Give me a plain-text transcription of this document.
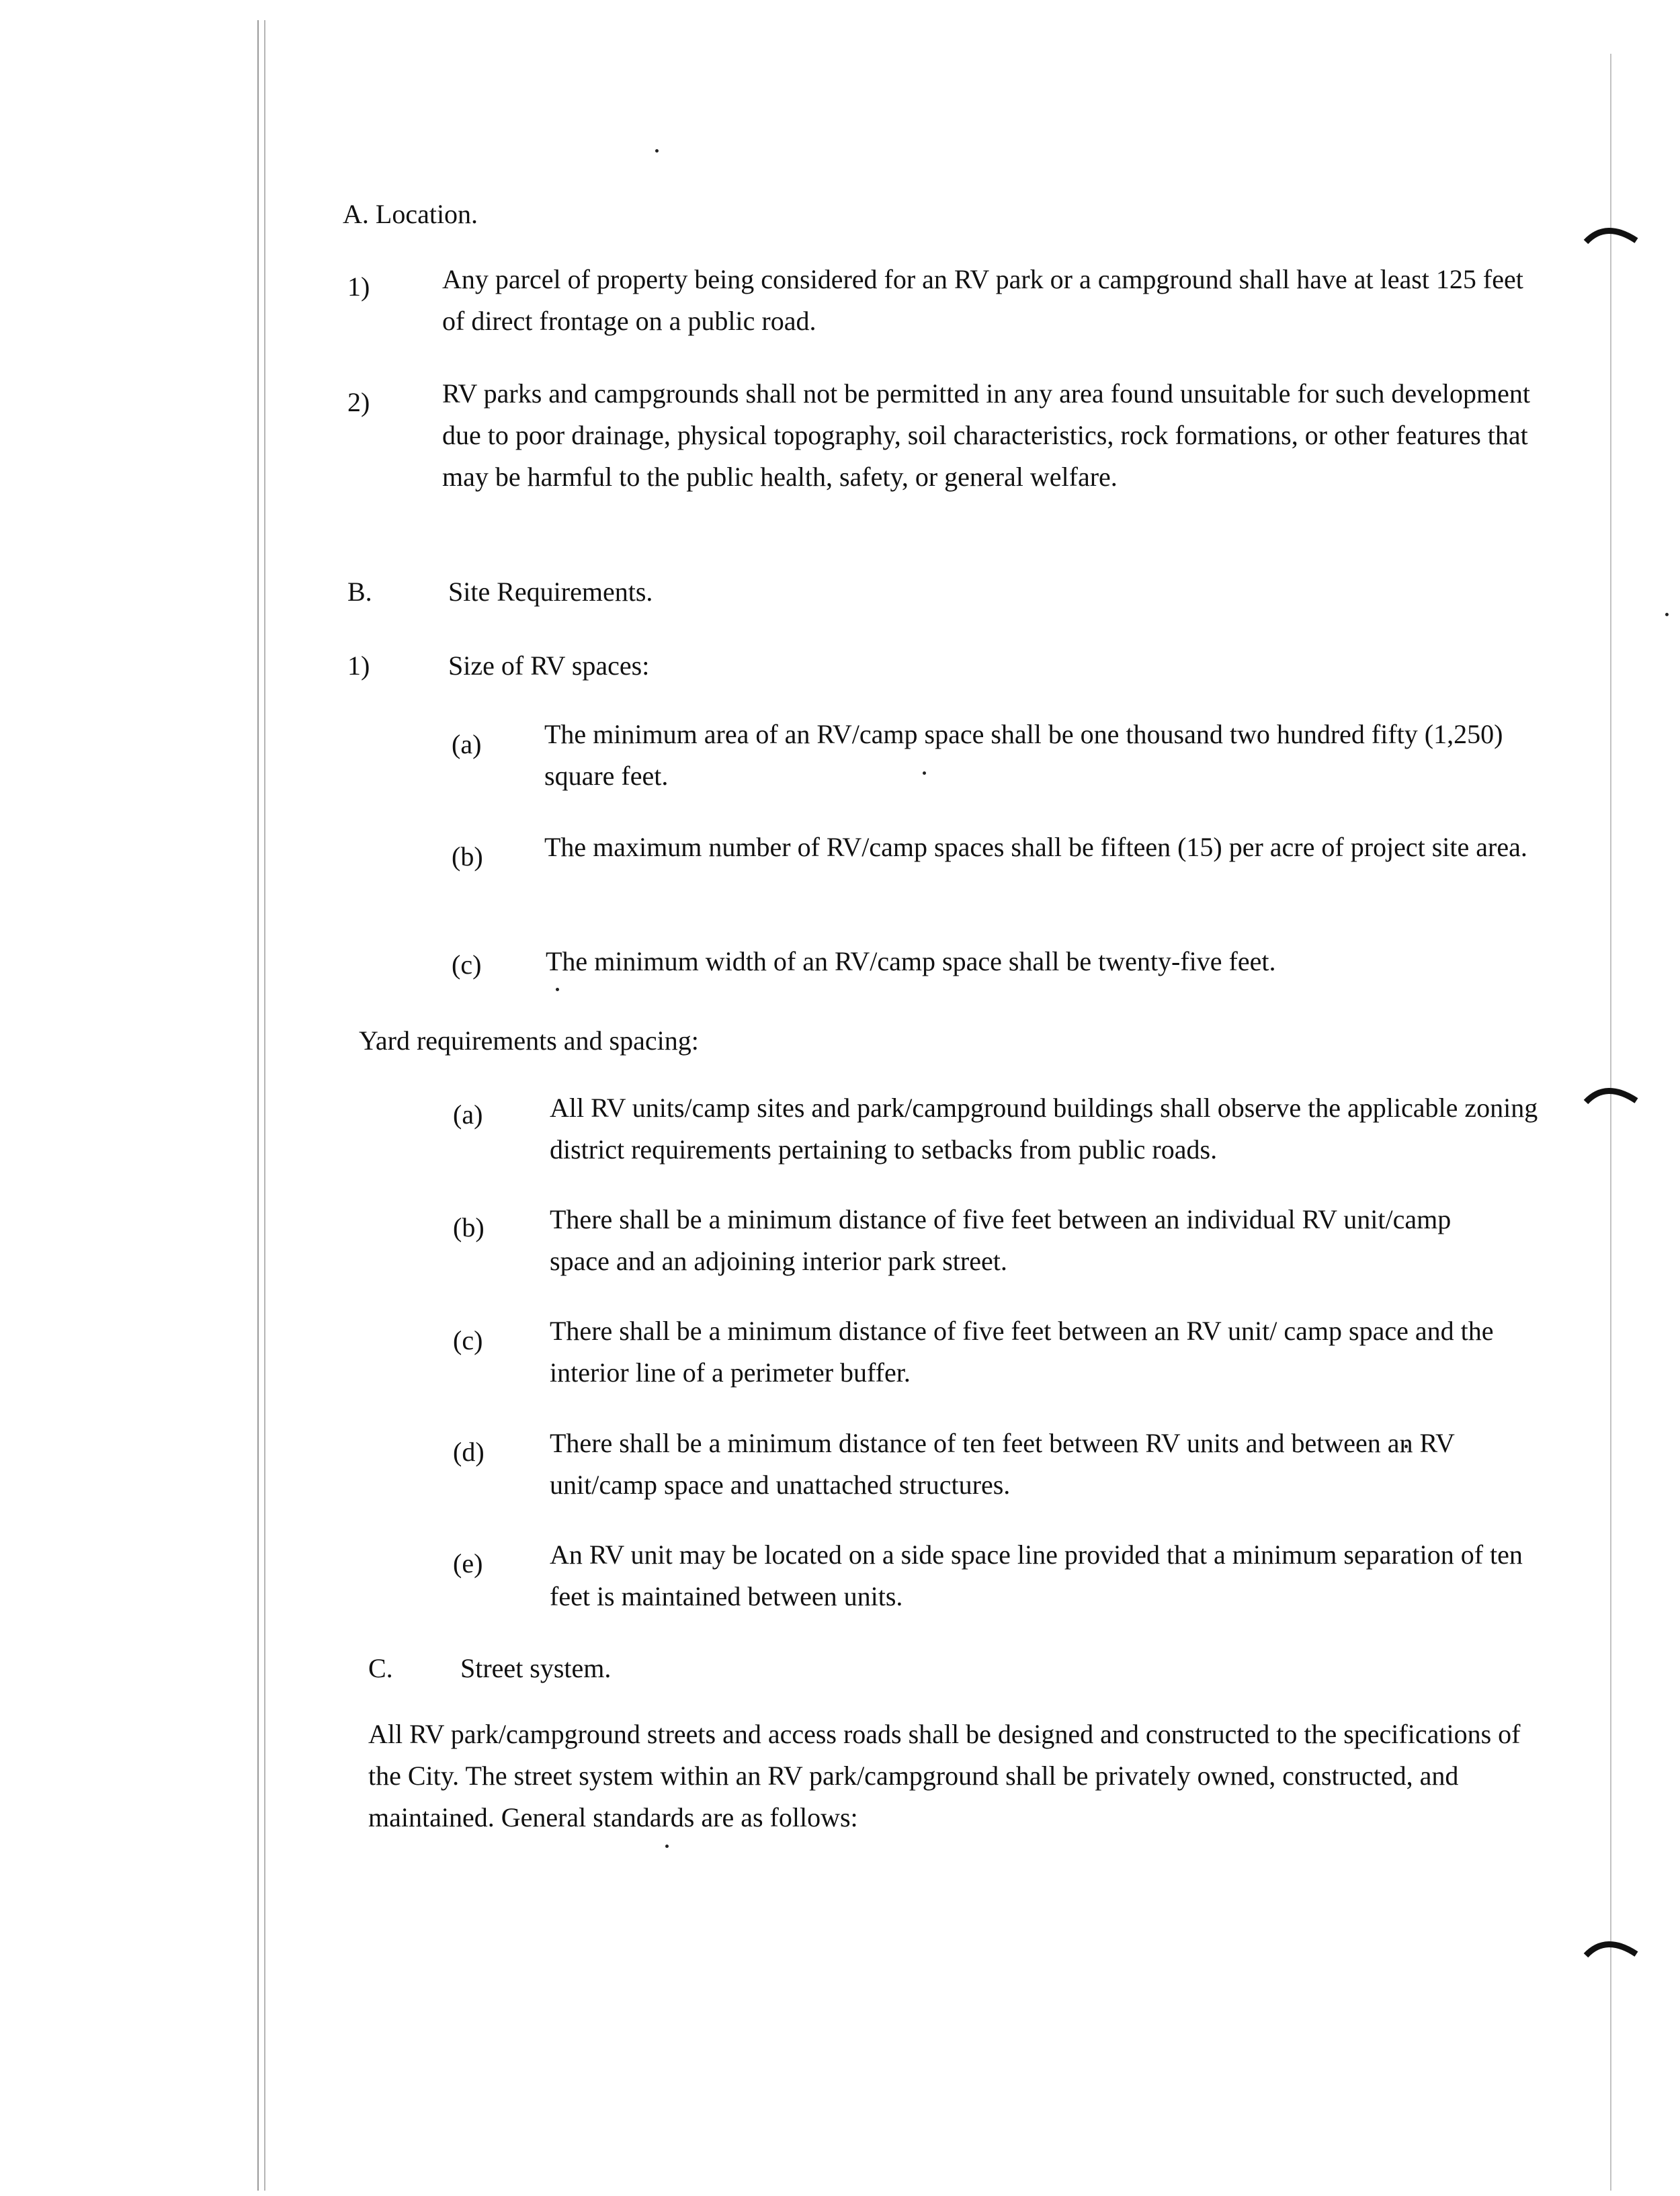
A. Location.
1)	Any parcel of property being considered for an RV park or a campground shall have at least 125 feet of direct frontage on a public road.
2)	RV parks and campgrounds shall not be permitted in any area found unsuitable for such development due to poor drainage, physical topography, soil characteristics, rock formations, or other features that may be harmful to the public health, safety, or general welfare.
B.	Site Requirements.
1)	Size of RV spaces:
(a) The minimum area of an RV/camp space shall be one thousand two hundred fifty (1,250) square feet.
(b) The maximum number of RV/camp spaces shall be fifteen (15) per acre of project site area.
(c) The minimum width of an RV/camp space shall be twenty-five feet.
Yard requirements and spacing:
(a) All RV units/camp sites and park/campground buildings shall observe the applicable zoning district requirements pertaining to setbacks from public roads.
(b) There shall be a minimum distance of five feet between an individual RV unit/camp space and an adjoining interior park street.
(c) There shall be a minimum distance of five feet between an RV unit/ camp space and the interior line of a perimeter buffer.
(d) There shall be a minimum distance of ten feet between RV units and between an RV unit/camp space and unattached structures.
(e) An RV unit may be located on a side space line provided that a minimum separation of ten feet is maintained between units.
C.	Street system.
All RV park/campground streets and access roads shall be designed and constructed to the specifications of the City. The street system within an RV park/campground shall be privately owned, constructed, and maintained. General standards are as follows:
